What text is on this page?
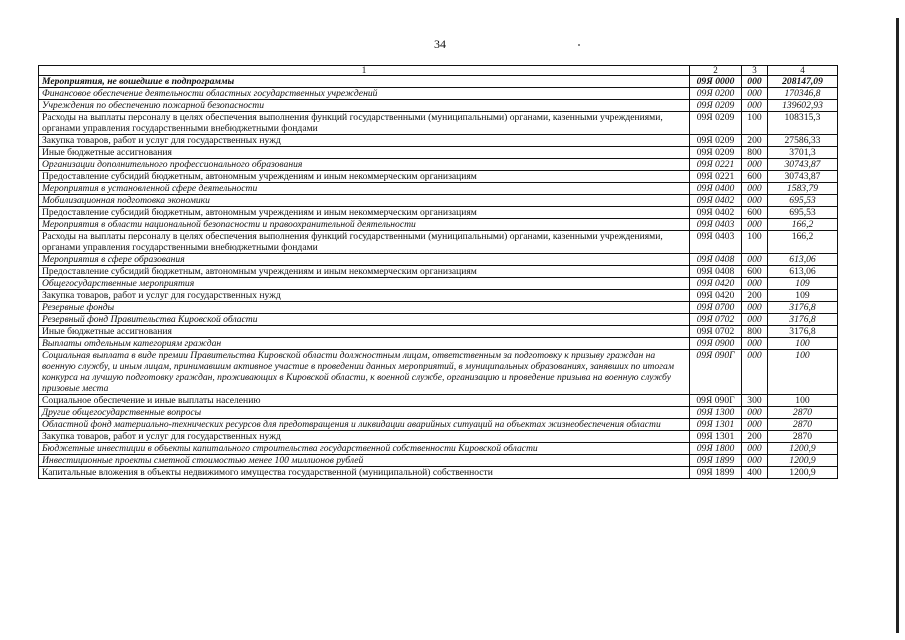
34
1	2	3	4
Мероприятия, не вошедшие в подпрограммы	09Я 0000	000	208147,09
Финансовое обеспечение деятельности областных государственных учреждений	09Я 0200	000	170346,8
Учреждения по обеспечению пожарной безопасности	09Я 0209	000	139602,93
Расходы на выплаты персоналу в целях обеспечения выполнения функций государственными (муниципальными) органами, казенными учреждениями, органами управления государственными внебюджетными фондами	09Я 0209	100	108315,3
Закупка товаров, работ и услуг для государственных нужд	09Я 0209	200	27586,33
Иные бюджетные ассигнования	09Я 0209	800	3701,3
Организации дополнительного профессионального образования	09Я 0221	000	30743,87
Предоставление субсидий бюджетным, автономным учреждениям и иным некоммерческим организациям	09Я 0221	600	30743,87
Мероприятия в установленной сфере деятельности	09Я 0400	000	1583,79
Мобилизационная подготовка экономики	09Я 0402	000	695,53
Предоставление субсидий бюджетным, автономным учреждениям и иным некоммерческим организациям	09Я 0402	600	695,53
Мероприятия в области национальной безопасности и правоохранительной деятельности	09Я 0403	000	166,2
Расходы на выплаты персоналу в целях обеспечения выполнения функций государственными (муниципальными) органами, казенными учреждениями, органами управления государственными внебюджетными фондами	09Я 0403	100	166,2
Мероприятия в сфере образования	09Я 0408	000	613,06
Предоставление субсидий бюджетным, автономным учреждениям и иным некоммерческим организациям	09Я 0408	600	613,06
Общегосударственные мероприятия	09Я 0420	000	109
Закупка товаров, работ и услуг для государственных нужд	09Я 0420	200	109
Резервные фонды	09Я 0700	000	3176,8
Резервный фонд Правительства Кировской области	09Я 0702	000	3176,8
Иные бюджетные ассигнования	09Я 0702	800	3176,8
Выплаты отдельным категориям граждан	09Я 0900	000	100
Социальная выплата в виде премии Правительства Кировской области должностным лицам, ответственным за подготовку к призыву граждан на военную службу, и иным лицам, принимавшим активное участие в проведении данных мероприятий, в муниципальных образованиях, занявших по итогам конкурса на лучшую подготовку граждан, проживающих в Кировской области, к военной службе, организацию и проведение призыва на военную службу призовые места	09Я 090Г	000	100
Социальное обеспечение и иные выплаты населению	09Я 090Г	300	100
Другие общегосударственные вопросы	09Я 1300	000	2870
Областной фонд материально-технических ресурсов для предотвращения и ликвидации аварийных ситуаций на объектах жизнеобеспечения области	09Я 1301	000	2870
Закупка товаров, работ и услуг для государственных нужд	09Я 1301	200	2870
Бюджетные инвестиции в объекты капитального строительства государственной собственности Кировской области	09Я 1800	000	1200,9
Инвестиционные проекты сметной стоимостью менее 100 миллионов рублей	09Я 1899	000	1200,9
Капитальные вложения в объекты недвижимого имущества государственной (муниципальной) собственности	09Я 1899	400	1200,9
